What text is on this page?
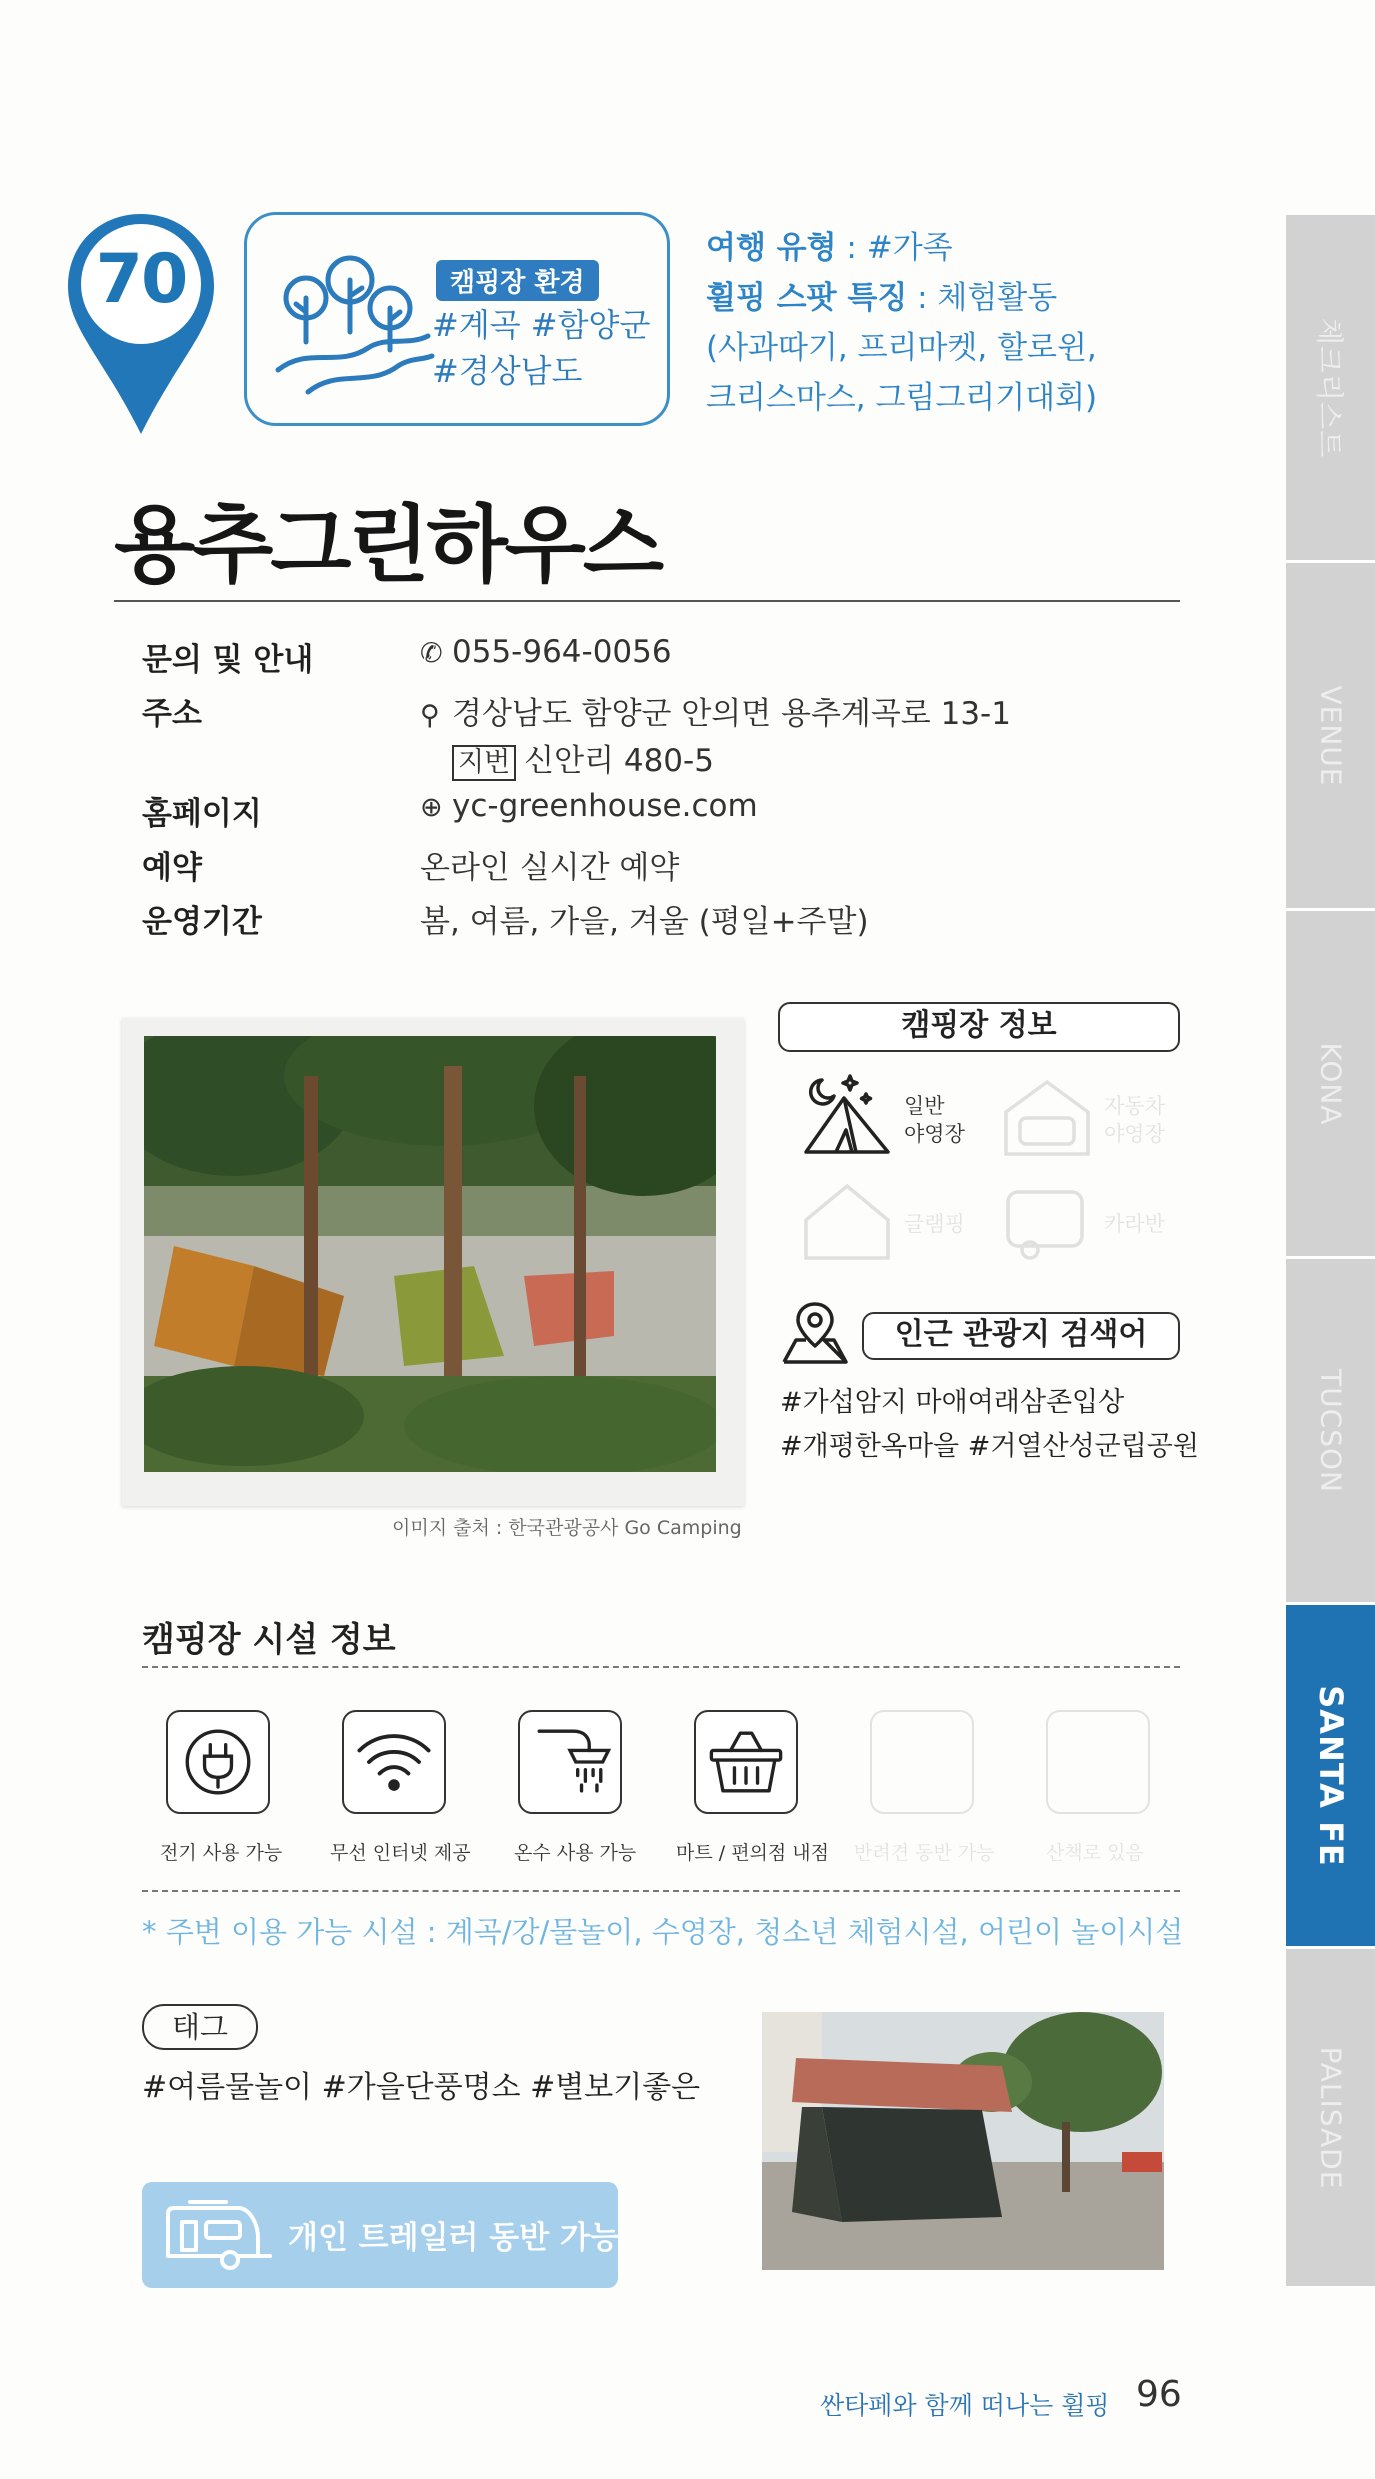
70	캠핑장 환경
#계곡 #함양군
#경상남도
여행 유형 : #가족
휠핑 스팟 특징 : 체험활동
(사과따기, 프리마켓, 할로윈,
크리스마스, 그림그리기대회)
용추그린하우스
문의 및 안내	✆ 055-964-0056
주소	⚲ 경상남도 함양군 안의면 용추계곡로 13-1
지번 신안리 480-5
홈페이지	⊕ yc-greenhouse.com
예약	온라인 실시간 예약
운영기간	봄, 여름, 가을, 겨울 (평일+주말)
이미지 출처 : 한국관광공사 Go Camping
캠핑장 정보
일반
야영장
자동차
야영장
글램핑	카라반
인근 관광지 검색어
#가섭암지 마애여래삼존입상
#개평한옥마을 #거열산성군립공원
캠핑장 시설 정보
전기 사용 가능	무선 인터넷 제공 온수 사용 가능 마트 / 편의점 내점 반려견 동반 가능	산책로 있음
* 주변 이용 가능 시설 : 계곡/강/물놀이, 수영장, 청소년 체험시설, 어린이 놀이시설
태그
#여름물놀이 #가을단풍명소 #별보기좋은
개인 트레일러 동반 가능
체크리스트
VENUE
KONA
TUCSON
SANTA FE
PALISADE
싼타페와 함께 떠나는 휠핑 96
